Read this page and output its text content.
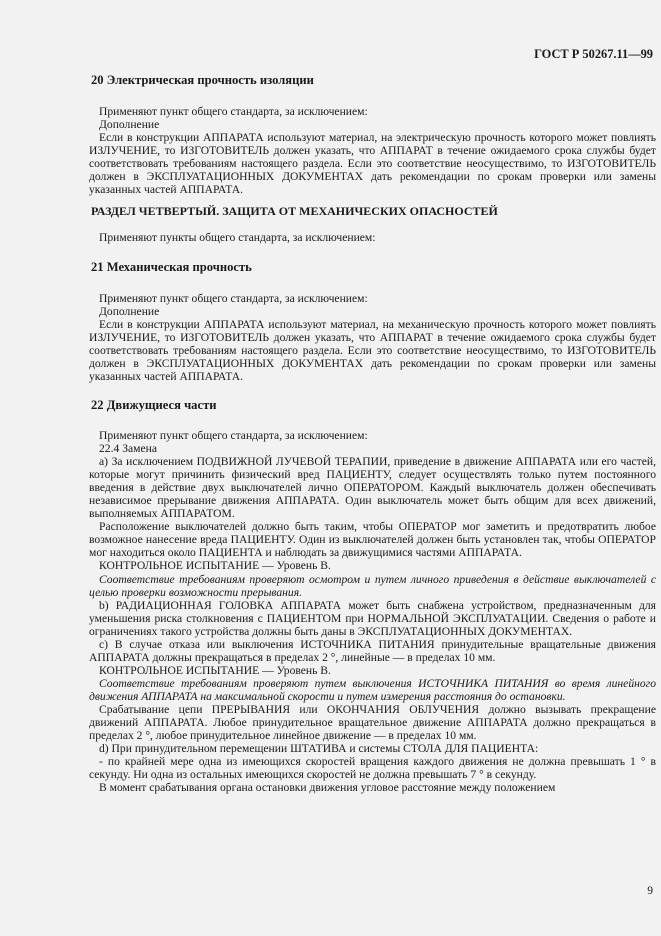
ГОСТ Р 50267.11—99
20 Электрическая прочность изоляции

Применяют пункт общего стандарта, за исключением:

Дополнение

Если в конструкции АППАРАТА используют материал, на электрическую прочность которого может повлиять ИЗЛУЧЕНИЕ, то ИЗГОТОВИТЕЛЬ должен указать, что АППАРАТ в течение ожидаемого срока службы будет соответствовать требованиям настоящего раздела. Если это соответствие неосуществимо, то ИЗГОТОВИТЕЛЬ должен в ЭКСПЛУАТАЦИОННЫХ ДОКУМЕНТАХ дать рекомендации по срокам проверки или замены указанных частей АППАРАТА.

РАЗДЕЛ ЧЕТВЕРТЫЙ. ЗАЩИТА ОТ МЕХАНИЧЕСКИХ ОПАСНОСТЕЙ

Применяют пункты общего стандарта, за исключением:

21 Механическая прочность

Применяют пункт общего стандарта, за исключением:

Дополнение

Если в конструкции АППАРАТА используют материал, на механическую прочность которого может повлиять ИЗЛУЧЕНИЕ, то ИЗГОТОВИТЕЛЬ должен указать, что АППАРАТ в течение ожидаемого срока службы будет соответствовать требованиям настоящего раздела. Если это соответствие неосуществимо, то ИЗГОТОВИТЕЛЬ должен в ЭКСПЛУАТАЦИОННЫХ ДОКУМЕНТАХ дать рекомендации по срокам проверки или замены указанных частей АППАРАТА.

22 Движущиеся части

Применяют пункт общего стандарта, за исключением:

22.4 Замена

a) За исключением ПОДВИЖНОЙ ЛУЧЕВОЙ ТЕРАПИИ, приведение в движение АППАРАТА или его частей, которые могут причинить физический вред ПАЦИЕНТУ, следует осуществлять только путем постоянного введения в действие двух выключателей лично ОПЕРАТОРОМ. Каждый выключатель должен обеспечивать независимое прерывание движения АППАРАТА. Один выключатель может быть общим для всех движений, выполняемых АППАРАТОМ.

Расположение выключателей должно быть таким, чтобы ОПЕРАТОР мог заметить и предотвратить любое возможное нанесение вреда ПАЦИЕНТУ. Один из выключателей должен быть установлен так, чтобы ОПЕРАТОР мог находиться около ПАЦИЕНТА и наблюдать за движущимися частями АППАРАТА.

КОНТРОЛЬНОЕ ИСПЫТАНИЕ — Уровень B.

Соответствие требованиям проверяют осмотром и путем личного приведения в действие выключателей с целью проверки возможности прерывания.

b) РАДИАЦИОННАЯ ГОЛОВКА АППАРАТА может быть снабжена устройством, предназначенным для уменьшения риска столкновения с ПАЦИЕНТОМ при НОРМАЛЬНОЙ ЭКСПЛУАТАЦИИ. Сведения о работе и ограничениях такого устройства должны быть даны в ЭКСПЛУАТАЦИОННЫХ ДОКУМЕНТАХ.

c) В случае отказа или выключения ИСТОЧНИКА ПИТАНИЯ принудительные вращательные движения АППАРАТА должны прекращаться в пределах 2 °, линейные — в пределах 10 мм.

КОНТРОЛЬНОЕ ИСПЫТАНИЕ — Уровень B.

Соответствие требованиям проверяют путем выключения ИСТОЧНИКА ПИТАНИЯ во время линейного движения АППАРАТА на максимальной скорости и путем измерения расстояния до остановки.

Срабатывание цепи ПРЕРЫВАНИЯ или ОКОНЧАНИЯ ОБЛУЧЕНИЯ должно вызывать прекращение движений АППАРАТА. Любое принудительное вращательное движение АППАРАТА должно прекращаться в пределах 2 °, любое принудительное линейное движение — в пределах 10 мм.

d) При принудительном перемещении ШТАТИВА и системы СТОЛА ДЛЯ ПАЦИЕНТА:

- по крайней мере одна из имеющихся скоростей вращения каждого движения не должна превышать 1 ° в секунду. Ни одна из остальных имеющихся скоростей не должна превышать 7 ° в секунду.

В момент срабатывания органа остановки движения угловое расстояние между положением

9
